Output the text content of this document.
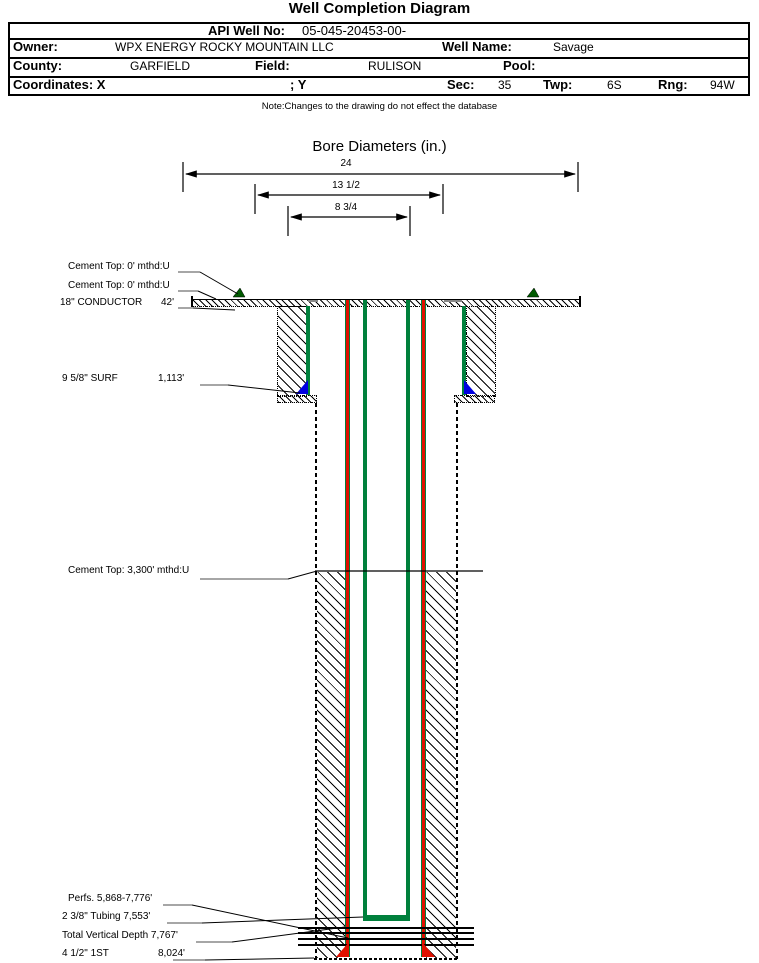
Well Completion Diagram
API Well No: 05-045-20453-00-
Owner:	WPX ENERGY ROCKY MOUNTAIN LLC	Well Name:	Savage
County:	GARFIELD	Field:	RULISON	Pool:
Coordinates: X	; Y	Sec: 35 Twp:	6S	Rng: 94W
Note:Changes to the drawing do not effect the database
Bore Diameters (in.)
24
13 1/2
8 3/4
Cement Top: 0' mthd:U
Cement Top: 0' mthd:U
18" CONDUCTOR 42'
9 5/8" SURF	1,113'
Cement Top: 3,300' mthd:U
Perfs. 5,868-7,776'
2 3/8" Tubing 7,553'
Total Vertical Depth 7,767'
4 1/2" 1ST	8,024'
